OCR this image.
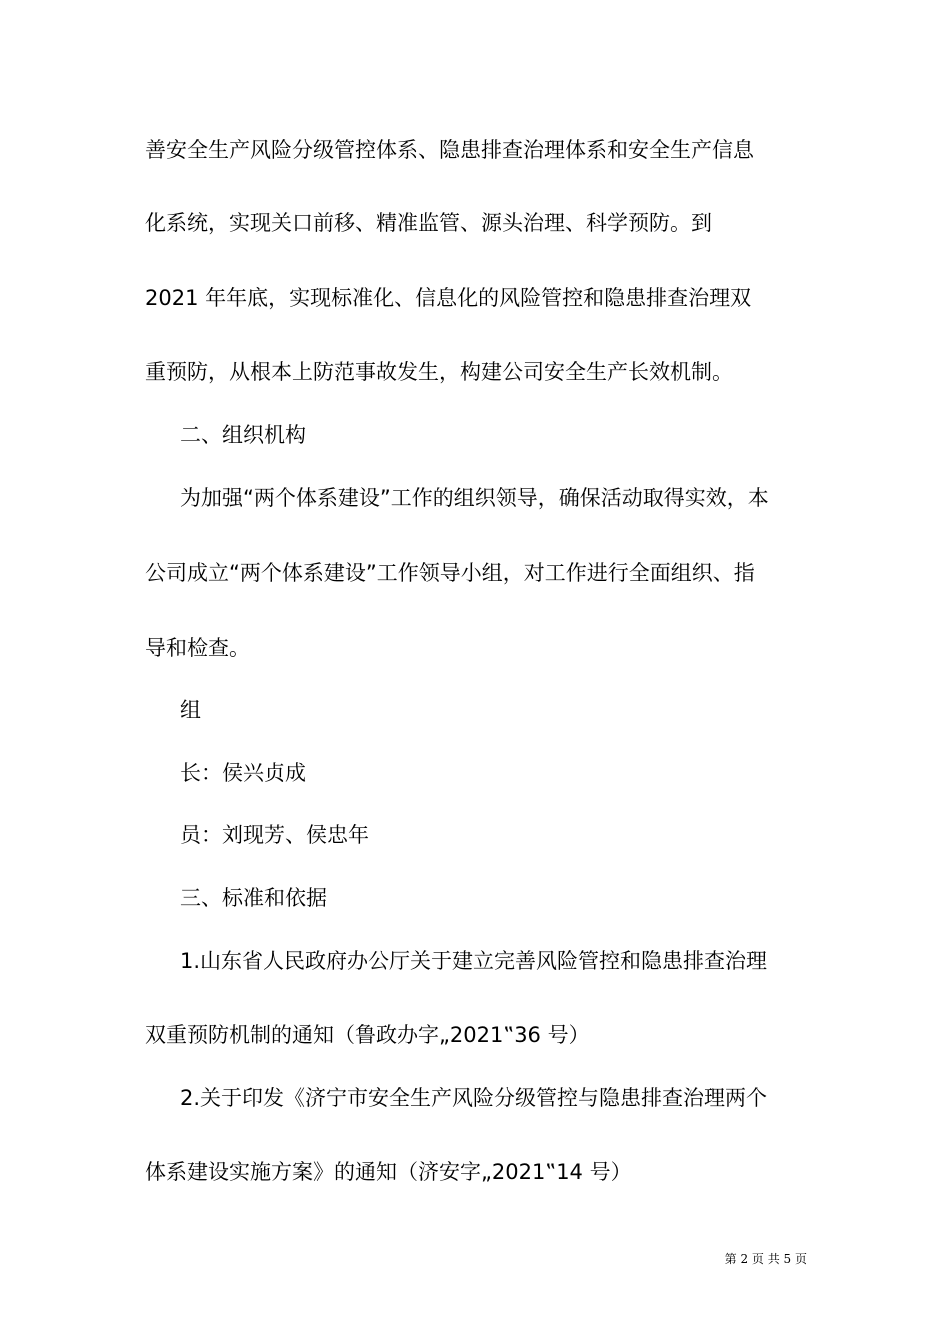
善安全生产风险分级管控体系、隐患排查治理体系和安全生产信息
化系统，实现关口前移、精准监管、源头治理、科学预防。到
2021 年年底，实现标准化、信息化的风险管控和隐患排查治理双
重预防，从根本上防范事故发生，构建公司安全生产长效机制。
二、组织机构
为加强“两个体系建设”工作的组织领导，确保活动取得实效，本
公司成立“两个体系建设”工作领导小组，对工作进行全面组织、指
导和检查。
组
长：侯兴贞成
员：刘现芳、侯忠年
三、标准和依据
1.山东省人民政府办公厅关于建立完善风险管控和隐患排查治理
双重预防机制的通知（鲁政办字„2021‟36 号）
2.关于印发《济宁市安全生产风险分级管控与隐患排查治理两个
体系建设实施方案》的通知（济安字„2021‟14 号）
第 2 页 共 5 页
